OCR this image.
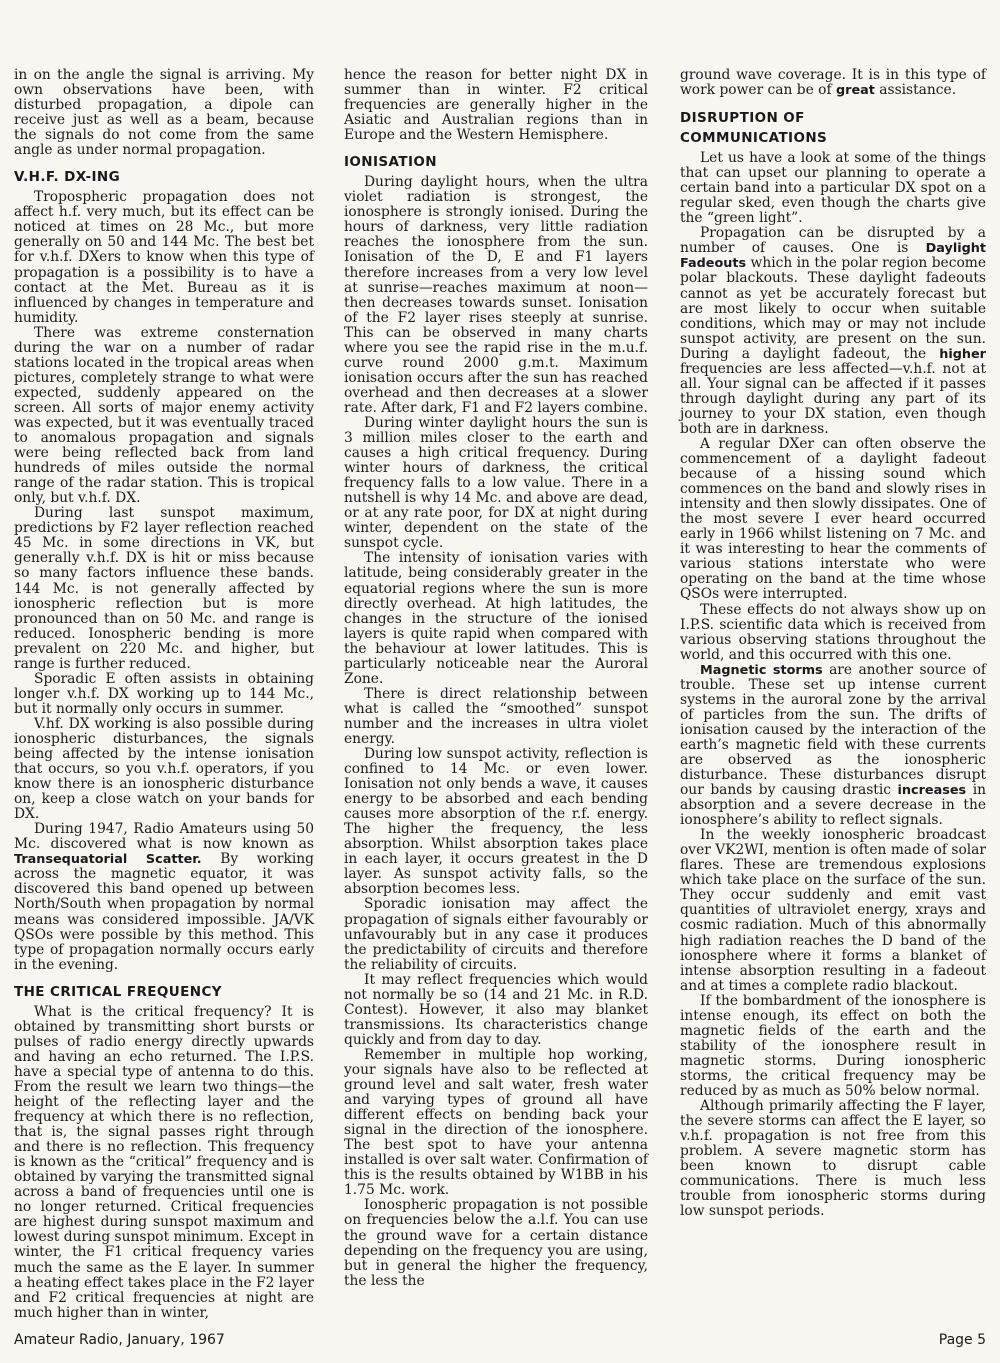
in on the angle the signal is arriving. My own observations have been, with disturbed propagation, a dipole can receive just as well as a beam, because the signals do not come from the same angle as under normal propagation.

V.H.F. DX-ING

Tropospheric propagation does not affect h.f. very much, but its effect can be noticed at times on 28 Mc., but more generally on 50 and 144 Mc. The best bet for v.h.f. DXers to know when this type of propagation is a possibility is to have a contact at the Met. Bureau as it is influenced by changes in temperature and humidity.

There was extreme consternation during the war on a number of radar stations located in the tropical areas when pictures, completely strange to what were expected, suddenly appeared on the screen. All sorts of major enemy activity was expected, but it was eventually traced to anomalous propagation and signals were being reflected back from land hundreds of miles outside the normal range of the radar station. This is tropical only, but v.h.f. DX.

During last sunspot maximum, predictions by F2 layer reflection reached 45 Mc. in some directions in VK, but generally v.h.f. DX is hit or miss because so many factors influence these bands. 144 Mc. is not generally affected by ionospheric reflection but is more pronounced than on 50 Mc. and range is reduced. Ionospheric bending is more prevalent on 220 Mc. and higher, but range is further reduced.

Sporadic E often assists in obtaining longer v.h.f. DX working up to 144 Mc., but it normally only occurs in summer.

V.hf. DX working is also possible during ionospheric disturbances, the signals being affected by the intense ionisation that occurs, so you v.h.f. operators, if you know there is an ionospheric disturbance on, keep a close watch on your bands for DX.

During 1947, Radio Amateurs using 50 Mc. discovered what is now known as Transequatorial Scatter. By working across the magnetic equator, it was discovered this band opened up between North/South when propagation by normal means was considered impossible. JA/VK QSOs were possible by this method. This type of propagation normally occurs early in the evening.

THE CRITICAL FREQUENCY

What is the critical frequency? It is obtained by transmitting short bursts or pulses of radio energy directly upwards and having an echo returned. The I.P.S. have a special type of antenna to do this. From the result we learn two things—the height of the reflecting layer and the frequency at which there is no reflection, that is, the signal passes right through and there is no reflection. This frequency is known as the “critical” frequency and is obtained by varying the transmitted signal across a band of frequencies until one is no longer returned. Critical frequencies are highest during sunspot maximum and lowest during sunspot minimum. Except in winter, the F1 critical frequency varies much the same as the E layer. In summer a heating effect takes place in the F2 layer and F2 critical frequencies at night are much higher than in winter,

hence the reason for better night DX in summer than in winter. F2 critical frequencies are generally higher in the Asiatic and Australian regions than in Europe and the Western Hemisphere.

IONISATION

During daylight hours, when the ultra violet radiation is strongest, the ionosphere is strongly ionised. During the hours of darkness, very little radiation reaches the ionosphere from the sun. Ionisation of the D, E and F1 layers therefore increases from a very low level at sunrise—reaches maximum at noon—then decreases towards sunset. Ionisation of the F2 layer rises steeply at sunrise. This can be observed in many charts where you see the rapid rise in the m.u.f. curve round 2000 g.m.t. Maximum ionisation occurs after the sun has reached overhead and then decreases at a slower rate. After dark, F1 and F2 layers combine.

During winter daylight hours the sun is 3 million miles closer to the earth and causes a high critical frequency. During winter hours of darkness, the critical frequency falls to a low value. There in a nutshell is why 14 Mc. and above are dead, or at any rate poor, for DX at night during winter, dependent on the state of the sunspot cycle.

The intensity of ionisation varies with latitude, being considerably greater in the equatorial regions where the sun is more directly overhead. At high latitudes, the changes in the structure of the ionised layers is quite rapid when compared with the behaviour at lower latitudes. This is particularly noticeable near the Auroral Zone.

There is direct relationship between what is called the “smoothed” sunspot number and the increases in ultra violet energy.

During low sunspot activity, reflection is confined to 14 Mc. or even lower. Ionisation not only bends a wave, it causes energy to be absorbed and each bending causes more absorption of the r.f. energy. The higher the frequency, the less absorption. Whilst absorption takes place in each layer, it occurs greatest in the D layer. As sunspot activity falls, so the absorption becomes less.

Sporadic ionisation may affect the propagation of signals either favourably or unfavourably but in any case it produces the predictability of circuits and therefore the reliability of circuits.

It may reflect frequencies which would not normally be so (14 and 21 Mc. in R.D. Contest). However, it also may blanket transmissions. Its characteristics change quickly and from day to day.

Remember in multiple hop working, your signals have also to be reflected at ground level and salt water, fresh water and varying types of ground all have different effects on bending back your signal in the direction of the ionosphere. The best spot to have your antenna installed is over salt water. Confirmation of this is the results obtained by W1BB in his 1.75 Mc. work.

Ionospheric propagation is not possible on frequencies below the a.l.f. You can use the ground wave for a certain distance depending on the frequency you are using, but in general the higher the frequency, the less the

ground wave coverage. It is in this type of work power can be of great assistance.

DISRUPTION OF
COMMUNICATIONS

Let us have a look at some of the things that can upset our planning to operate a certain band into a particular DX spot on a regular sked, even though the charts give the “green light”.

Propagation can be disrupted by a number of causes. One is Daylight Fadeouts which in the polar region become polar blackouts. These daylight fadeouts cannot as yet be accurately forecast but are most likely to occur when suitable conditions, which may or may not include sunspot activity, are present on the sun. During a daylight fadeout, the higher frequencies are less affected—v.h.f. not at all. Your signal can be affected if it passes through daylight during any part of its journey to your DX station, even though both are in darkness.

A regular DXer can often observe the commencement of a daylight fadeout because of a hissing sound which commences on the band and slowly rises in intensity and then slowly dissipates. One of the most severe I ever heard occurred early in 1966 whilst listening on 7 Mc. and it was interesting to hear the comments of various stations interstate who were operating on the band at the time whose QSOs were interrupted.

These effects do not always show up on I.P.S. scientific data which is received from various observing stations throughout the world, and this occurred with this one.

Magnetic storms are another source of trouble. These set up intense current systems in the auroral zone by the arrival of particles from the sun. The drifts of ionisation caused by the interaction of the earth’s magnetic field with these currents are observed as the ionospheric disturbance. These disturbances disrupt our bands by causing drastic increases in absorption and a severe decrease in the ionosphere’s ability to reflect signals.

In the weekly ionospheric broadcast over VK2WI, mention is often made of solar flares. These are tremendous explosions which take place on the surface of the sun. They occur suddenly and emit vast quantities of ultraviolet energy, xrays and cosmic radiation. Much of this abnormally high radiation reaches the D band of the ionosphere where it forms a blanket of intense absorption resulting in a fadeout and at times a complete radio blackout.

If the bombardment of the ionosphere is intense enough, its effect on both the magnetic fields of the earth and the stability of the ionosphere result in magnetic storms. During ionospheric storms, the critical frequency may be reduced by as much as 50% below normal.

Although primarily affecting the F layer, the severe storms can affect the E layer, so v.h.f. propagation is not free from this problem. A severe magnetic storm has been known to disrupt cable communications. There is much less trouble from ionospheric storms during low sunspot periods.

Amateur Radio, January, 1967	Page 5
